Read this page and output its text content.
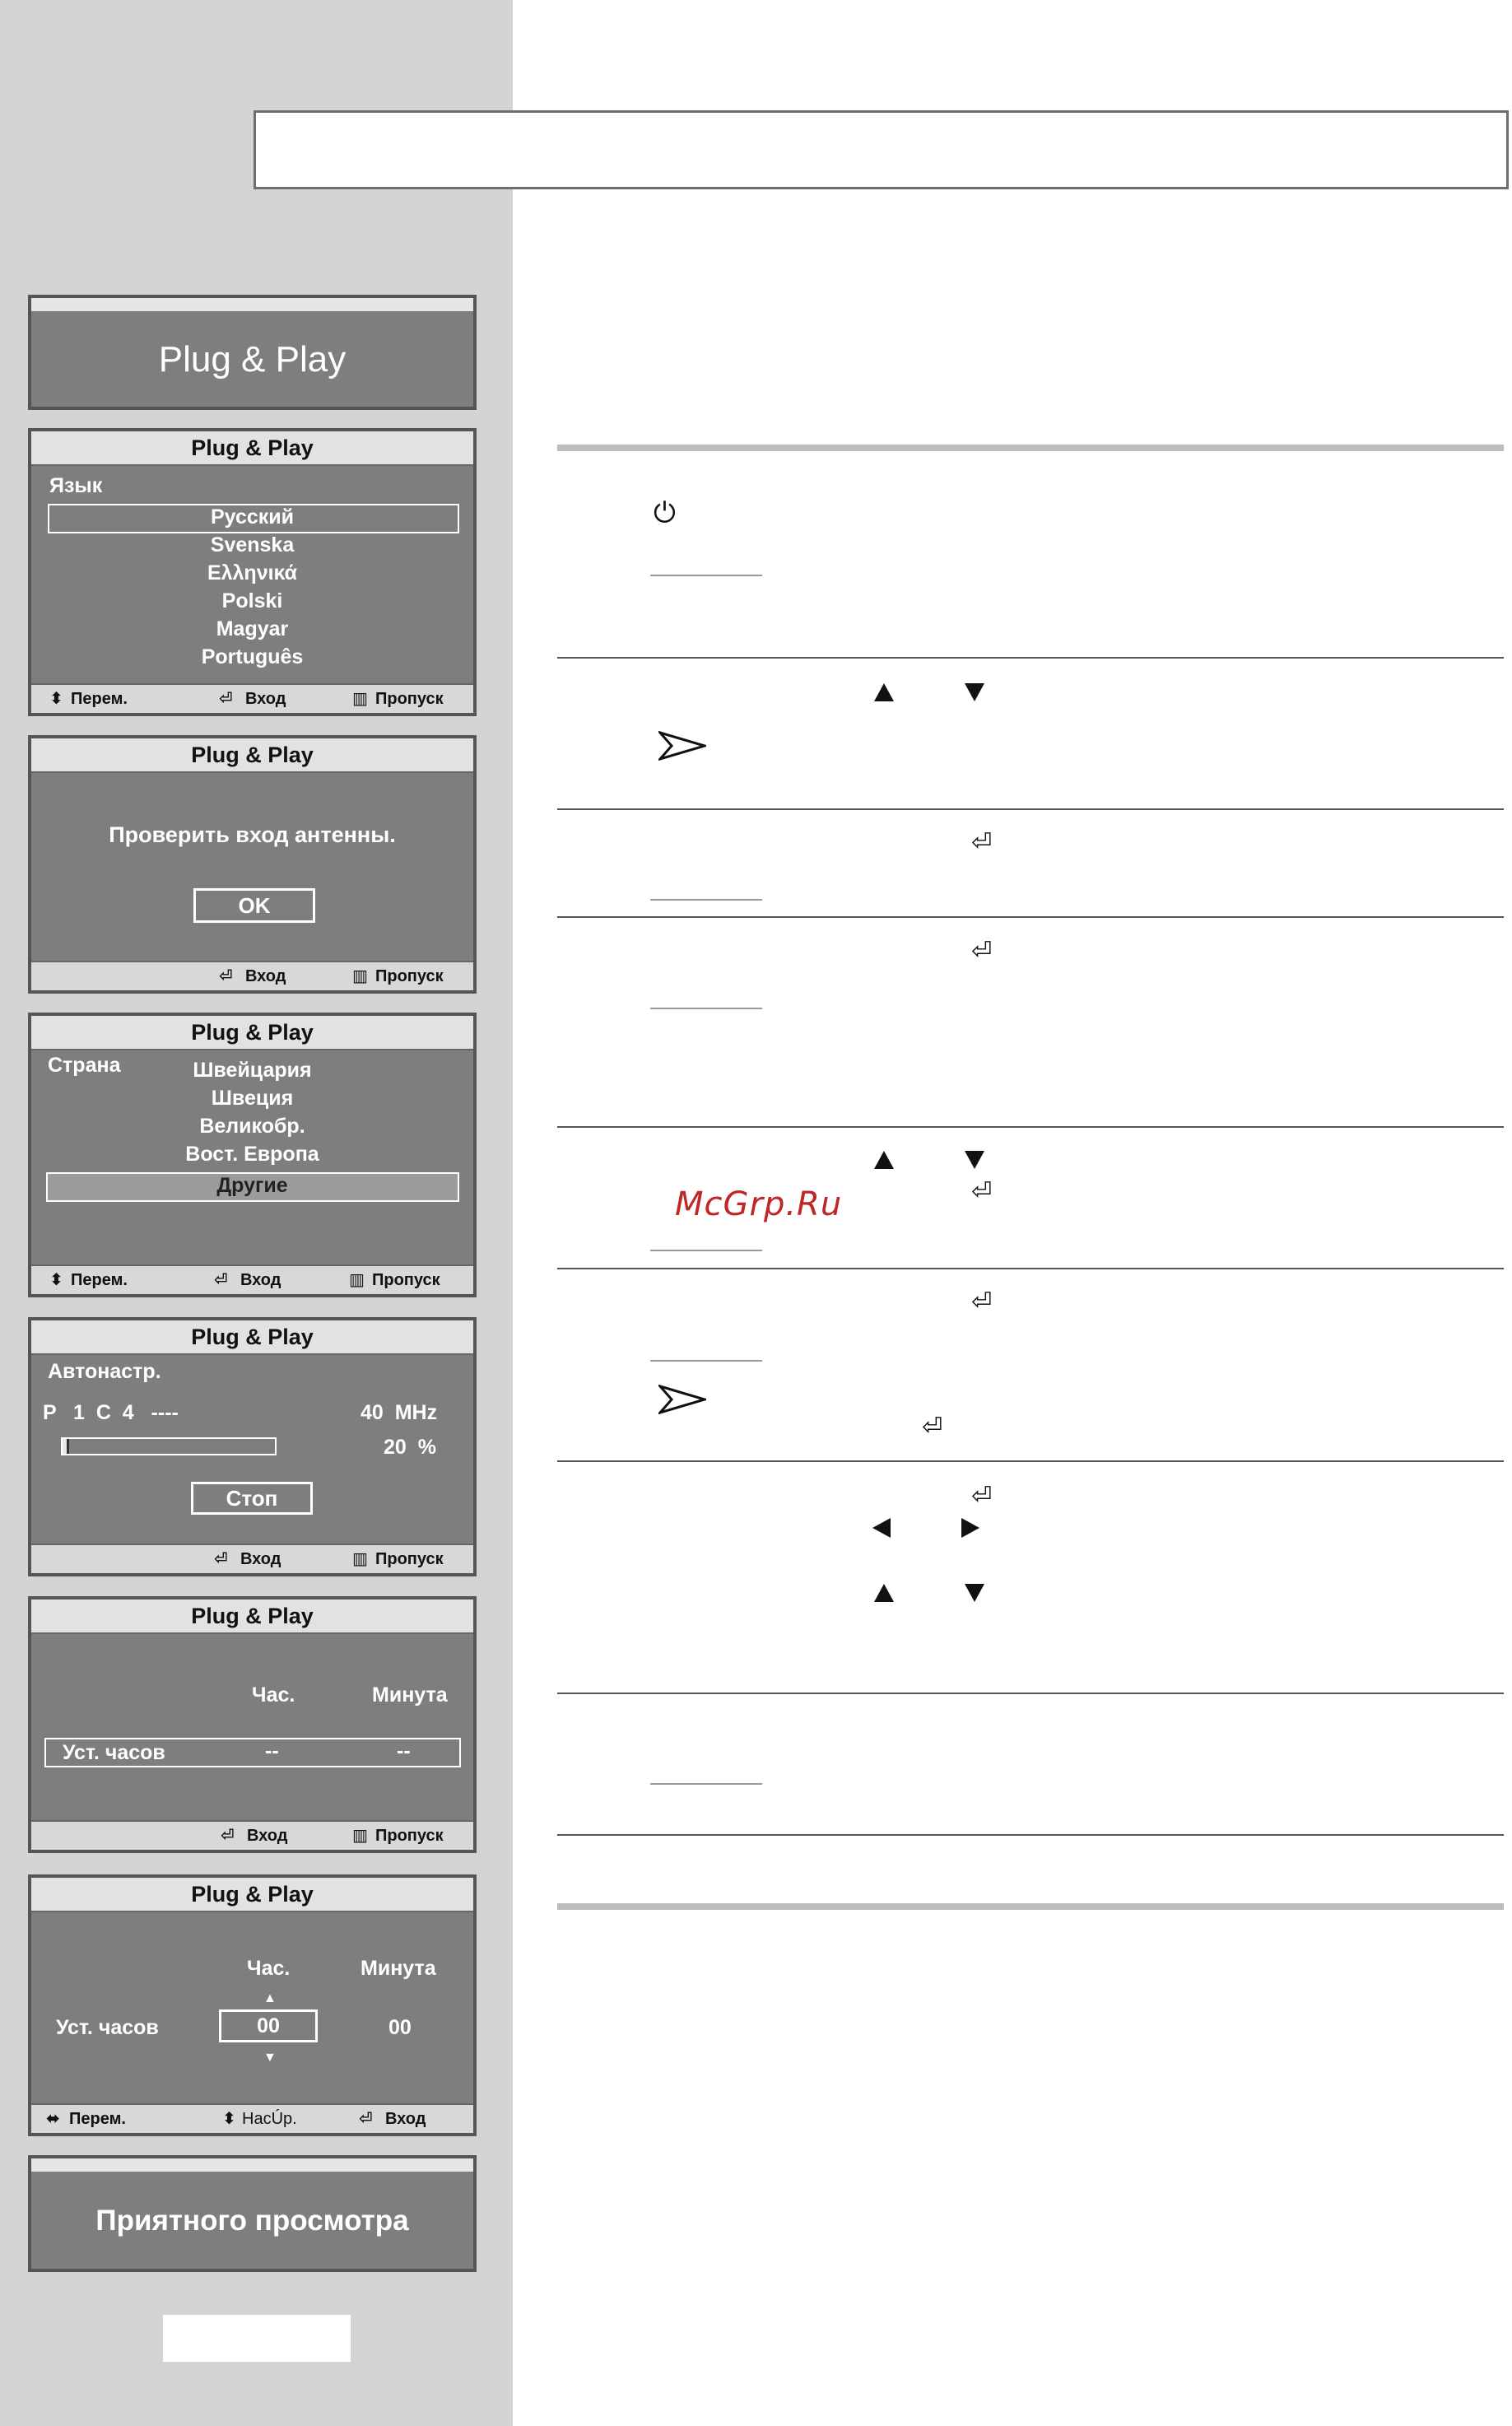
Plug & Play
Plug & Play
Язык
Русский
Svenska
Ελληνικά
Polski
Magyar
Português
⬍ Перем.	⏎ Вход	▥ Пропуск
Plug & Play
Проверить вход антенны.
OK
⏎ Вход	▥ Пропуск
Plug & Play
Страна	Швейцария
Швеция
Великобр.
Вост. Европа
Другие
⬍ Перем.	⏎ Вход	▥ Пропуск
Plug & Play
Автонастр.
P   1  C  4   ----	40  MHz
20  %
Стоп
⏎ Вход	▥ Пропуск
Plug & Play
Час.	Минута
Уст. часов	--	--
⏎ Вход	▥ Пропуск
Plug & Play
Час.	Минута
▲
Уст. часов	00	00
▼
⬌ Перем.	⬍ НасÚр.	⏎ Вход
Приятного просмотра
⏻
⏎
⏎
⏎
McGrp.Ru
⏎
⏎
⏎
